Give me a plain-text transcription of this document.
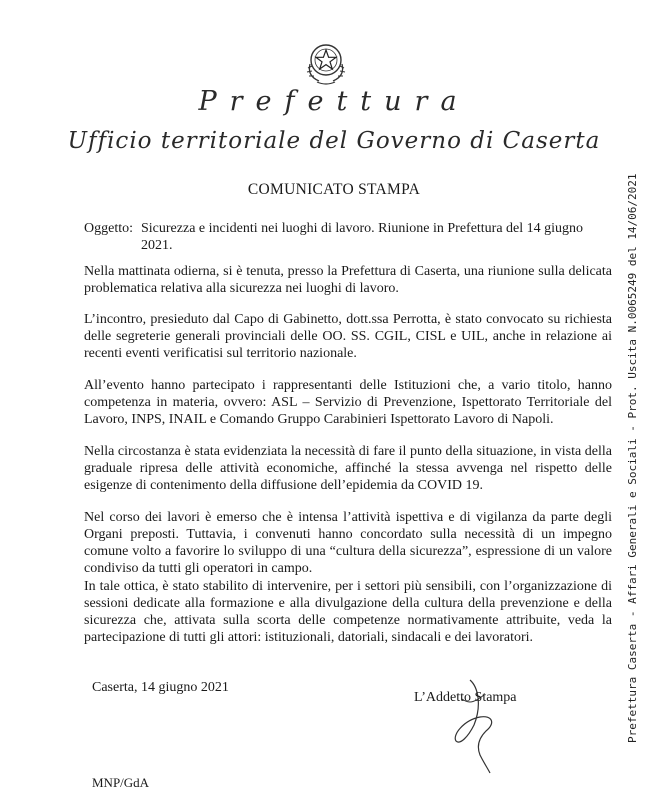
Prefettura
Ufficio territoriale del Governo di Caserta
COMUNICATO STAMPA
Oggetto: Sicurezza e incidenti nei luoghi di lavoro. Riunione in Prefettura del 14 giugno 2021.
Nella mattinata odierna, si è tenuta, presso la Prefettura di Caserta, una riunione sulla delicata problematica relativa alla sicurezza nei luoghi di lavoro.
L’incontro, presieduto dal Capo di Gabinetto, dott.ssa Perrotta, è stato convocato su richiesta delle segreterie generali provinciali delle OO. SS. CGIL, CISL e UIL, anche in relazione ai recenti eventi verificatisi sul territorio nazionale.
All’evento hanno partecipato i rappresentanti delle Istituzioni che, a vario titolo, hanno competenza in materia, ovvero: ASL – Servizio di Prevenzione, Ispettorato Territoriale del Lavoro, INPS, INAIL e Comando Gruppo Carabinieri Ispettorato Lavoro di Napoli.
Nella circostanza è stata evidenziata la necessità di fare il punto della situazione, in vista della graduale ripresa delle attività economiche, affinché la stessa avvenga nel rispetto delle esigenze di contenimento della diffusione dell’epidemia da COVID 19.
Nel corso dei lavori è emerso che è intensa l’attività ispettiva e di vigilanza da parte degli Organi preposti. Tuttavia, i convenuti hanno concordato sulla necessità di un impegno comune volto a favorire lo sviluppo di una “cultura della sicurezza”, espressione di un valore condiviso da tutti gli operatori in campo.
In tale ottica, è stato stabilito di intervenire, per i settori più sensibili, con l’organizzazione di sessioni dedicate alla formazione e alla divulgazione della cultura della prevenzione e della sicurezza che, attivata sulla scorta delle competenze normativamente attribuite, veda la partecipazione di tutti gli attori: istituzionali, datoriali, sindacali e dei lavoratori.
Caserta, 14 giugno 2021
L’Addetto Stampa
MNP/GdA
Prefettura Caserta - Affari Generali e Sociali - Prot. Uscita N.0065249 del 14/06/2021
